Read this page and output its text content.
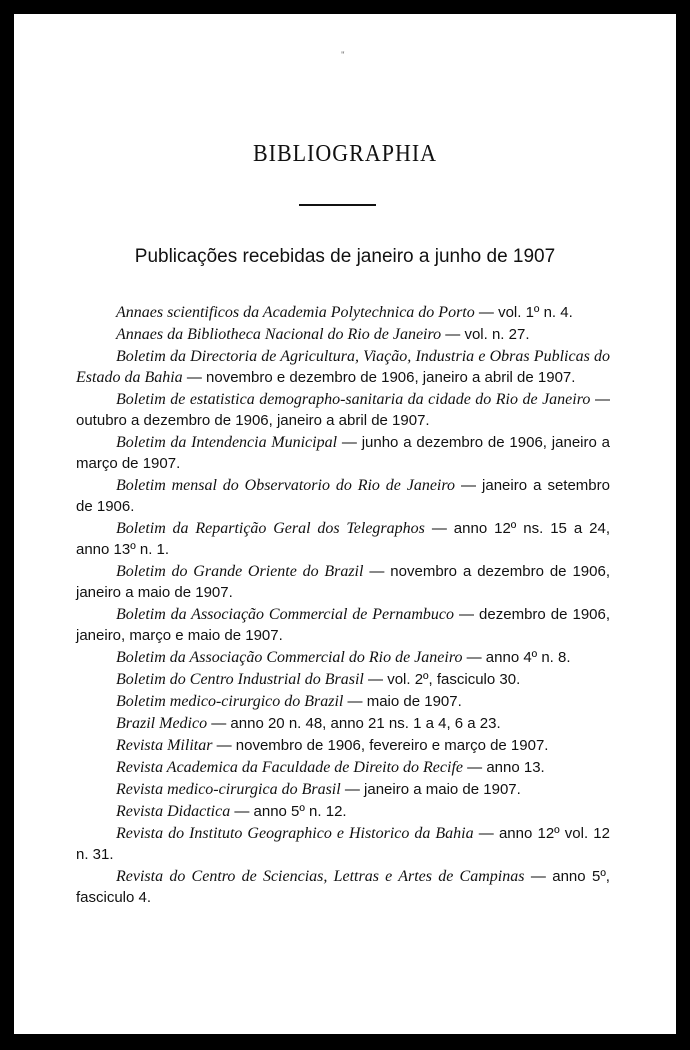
"
BIBLIOGRAPHIA
Publicações recebidas de janeiro a junho de 1907

Annaes scientificos da Academia Polytechnica do Porto — vol. 1º n. 4.

Annaes da Bibliotheca Nacional do Rio de Janeiro — vol. n. 27.

Boletim da Directoria de Agricultura, Viação, Industria e Obras Publicas do Estado da Bahia — novembro e dezembro de 1906, janeiro a abril de 1907.

Boletim de estatistica demographo-sanitaria da cidade do Rio de Janeiro — outubro a dezembro de 1906, janeiro a abril de 1907.

Boletim da Intendencia Municipal — junho a dezembro de 1906, janeiro a março de 1907.

Boletim mensal do Observatorio do Rio de Janeiro — janeiro a setembro de 1906.

Boletim da Repartição Geral dos Telegraphos — anno 12º ns. 15 a 24, anno 13º n. 1.

Boletim do Grande Oriente do Brazil — novembro a dezembro de 1906, janeiro a maio de 1907.

Boletim da Associação Commercial de Pernambuco — dezembro de 1906, janeiro, março e maio de 1907.

Boletim da Associação Commercial do Rio de Janeiro — anno 4º n. 8.

Boletim do Centro Industrial do Brasil — vol. 2º, fasciculo 30.

Boletim medico-cirurgico do Brazil — maio de 1907.

Brazil Medico — anno 20 n. 48, anno 21 ns. 1 a 4, 6 a 23.

Revista Militar — novembro de 1906, fevereiro e março de 1907.

Revista Academica da Faculdade de Direito do Recife — anno 13.

Revista medico-cirurgica do Brasil — janeiro a maio de 1907.

Revista Didactica — anno 5º n. 12.

Revista do Instituto Geographico e Historico da Bahia — anno 12º vol. 12 n. 31.

Revista do Centro de Sciencias, Lettras e Artes de Campinas — anno 5º, fasciculo 4.
